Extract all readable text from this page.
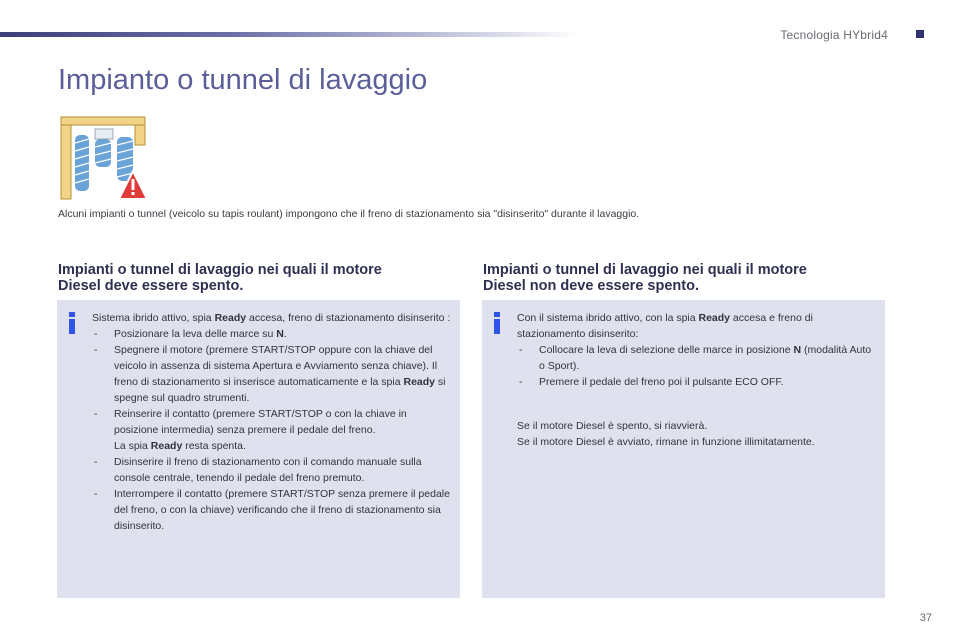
Tecnologia HYbrid4
Impianto o tunnel di lavaggio
Alcuni impianti o tunnel (veicolo su tapis roulant) impongono che il freno di stazionamento sia "disinserito" durante il lavaggio.
Impianti o tunnel di lavaggio nei quali il motore
Diesel deve essere spento.
Impianti o tunnel di lavaggio nei quali il motore
Diesel non deve essere spento.

Sistema ibrido attivo, spia Ready accesa, freno di stazionamento disinserito :

- Posizionare la leva delle marce su N.
- Spegnere il motore (premere START/STOP oppure con la chiave del veicolo in assenza di sistema Apertura e Avviamento senza chiave). Il freno di stazionamento si inserisce automaticamente e la spia Ready si spegne sul quadro strumenti.
- Reinserire il contatto (premere START/STOP o con la chiave in posizione intermedia) senza premere il pedale del freno.
La spia Ready resta spenta.
- Disinserire il freno di stazionamento con il comando manuale sulla console centrale, tenendo il pedale del freno premuto.
- Interrompere il contatto (premere START/STOP senza premere il pedale del freno, o con la chiave) verificando che il freno di stazionamento sia disinserito.

Con il sistema ibrido attivo, con la spia Ready accesa e freno di stazionamento disinserito:

- Collocare la leva di selezione delle marce in posizione N (modalità Auto o Sport).
- Premere il pedale del freno poi il pulsante ECO OFF.

Se il motore Diesel è spento, si riavvierà.

Se il motore Diesel è avviato, rimane in funzione illimitatamente.

37
